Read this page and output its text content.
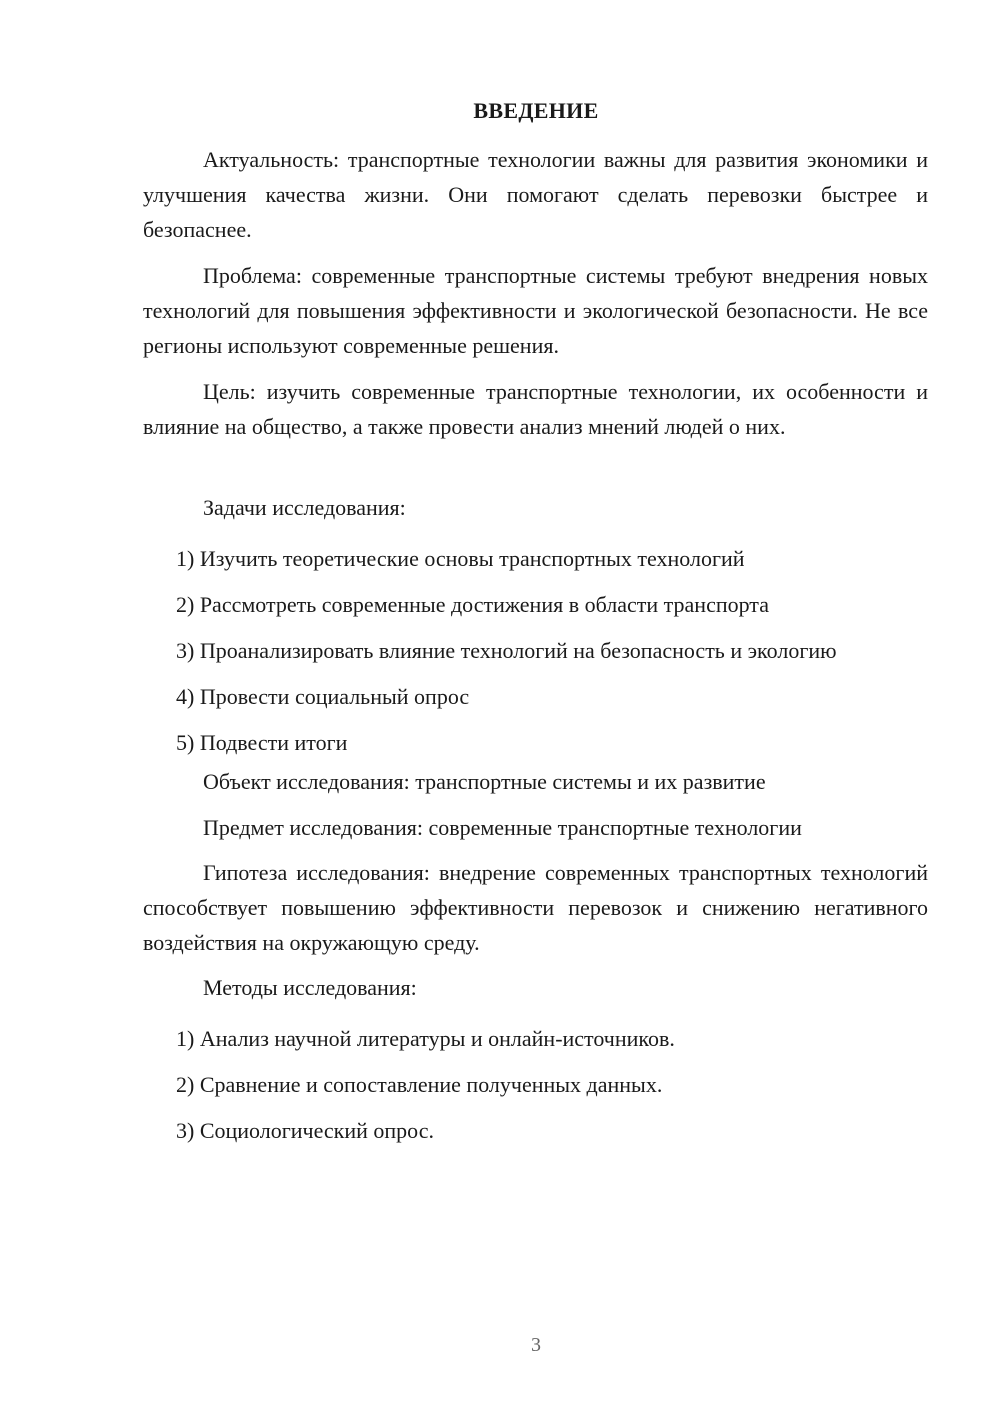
ВВЕДЕНИЕ

Актуальность: транспортные технологии важны для развития экономики и улучшения качества жизни. Они помогают сделать перевозки быстрее и безопаснее.

Проблема: современные транспортные системы требуют внедрения новых технологий для повышения эффективности и экологической безопасности. Не все регионы используют современные решения.

Цель: изучить современные транспортные технологии, их особенности и влияние на общество, а также провести анализ мнений людей о них.

Задачи исследования:

1) Изучить теоретические основы транспортных технологий

2) Рассмотреть современные достижения в области транспорта

3) Проанализировать влияние технологий на безопасность и экологию

4) Провести социальный опрос

5) Подвести итоги

Объект исследования: транспортные системы и их развитие

Предмет исследования: современные транспортные технологии

Гипотеза исследования: внедрение современных транспортных технологий способствует повышению эффективности перевозок и снижению негативного воздействия на окружающую среду.

Методы исследования:

1) Анализ научной литературы и онлайн-источников.

2) Сравнение и сопоставление полученных данных.

3) Социологический опрос.

3
